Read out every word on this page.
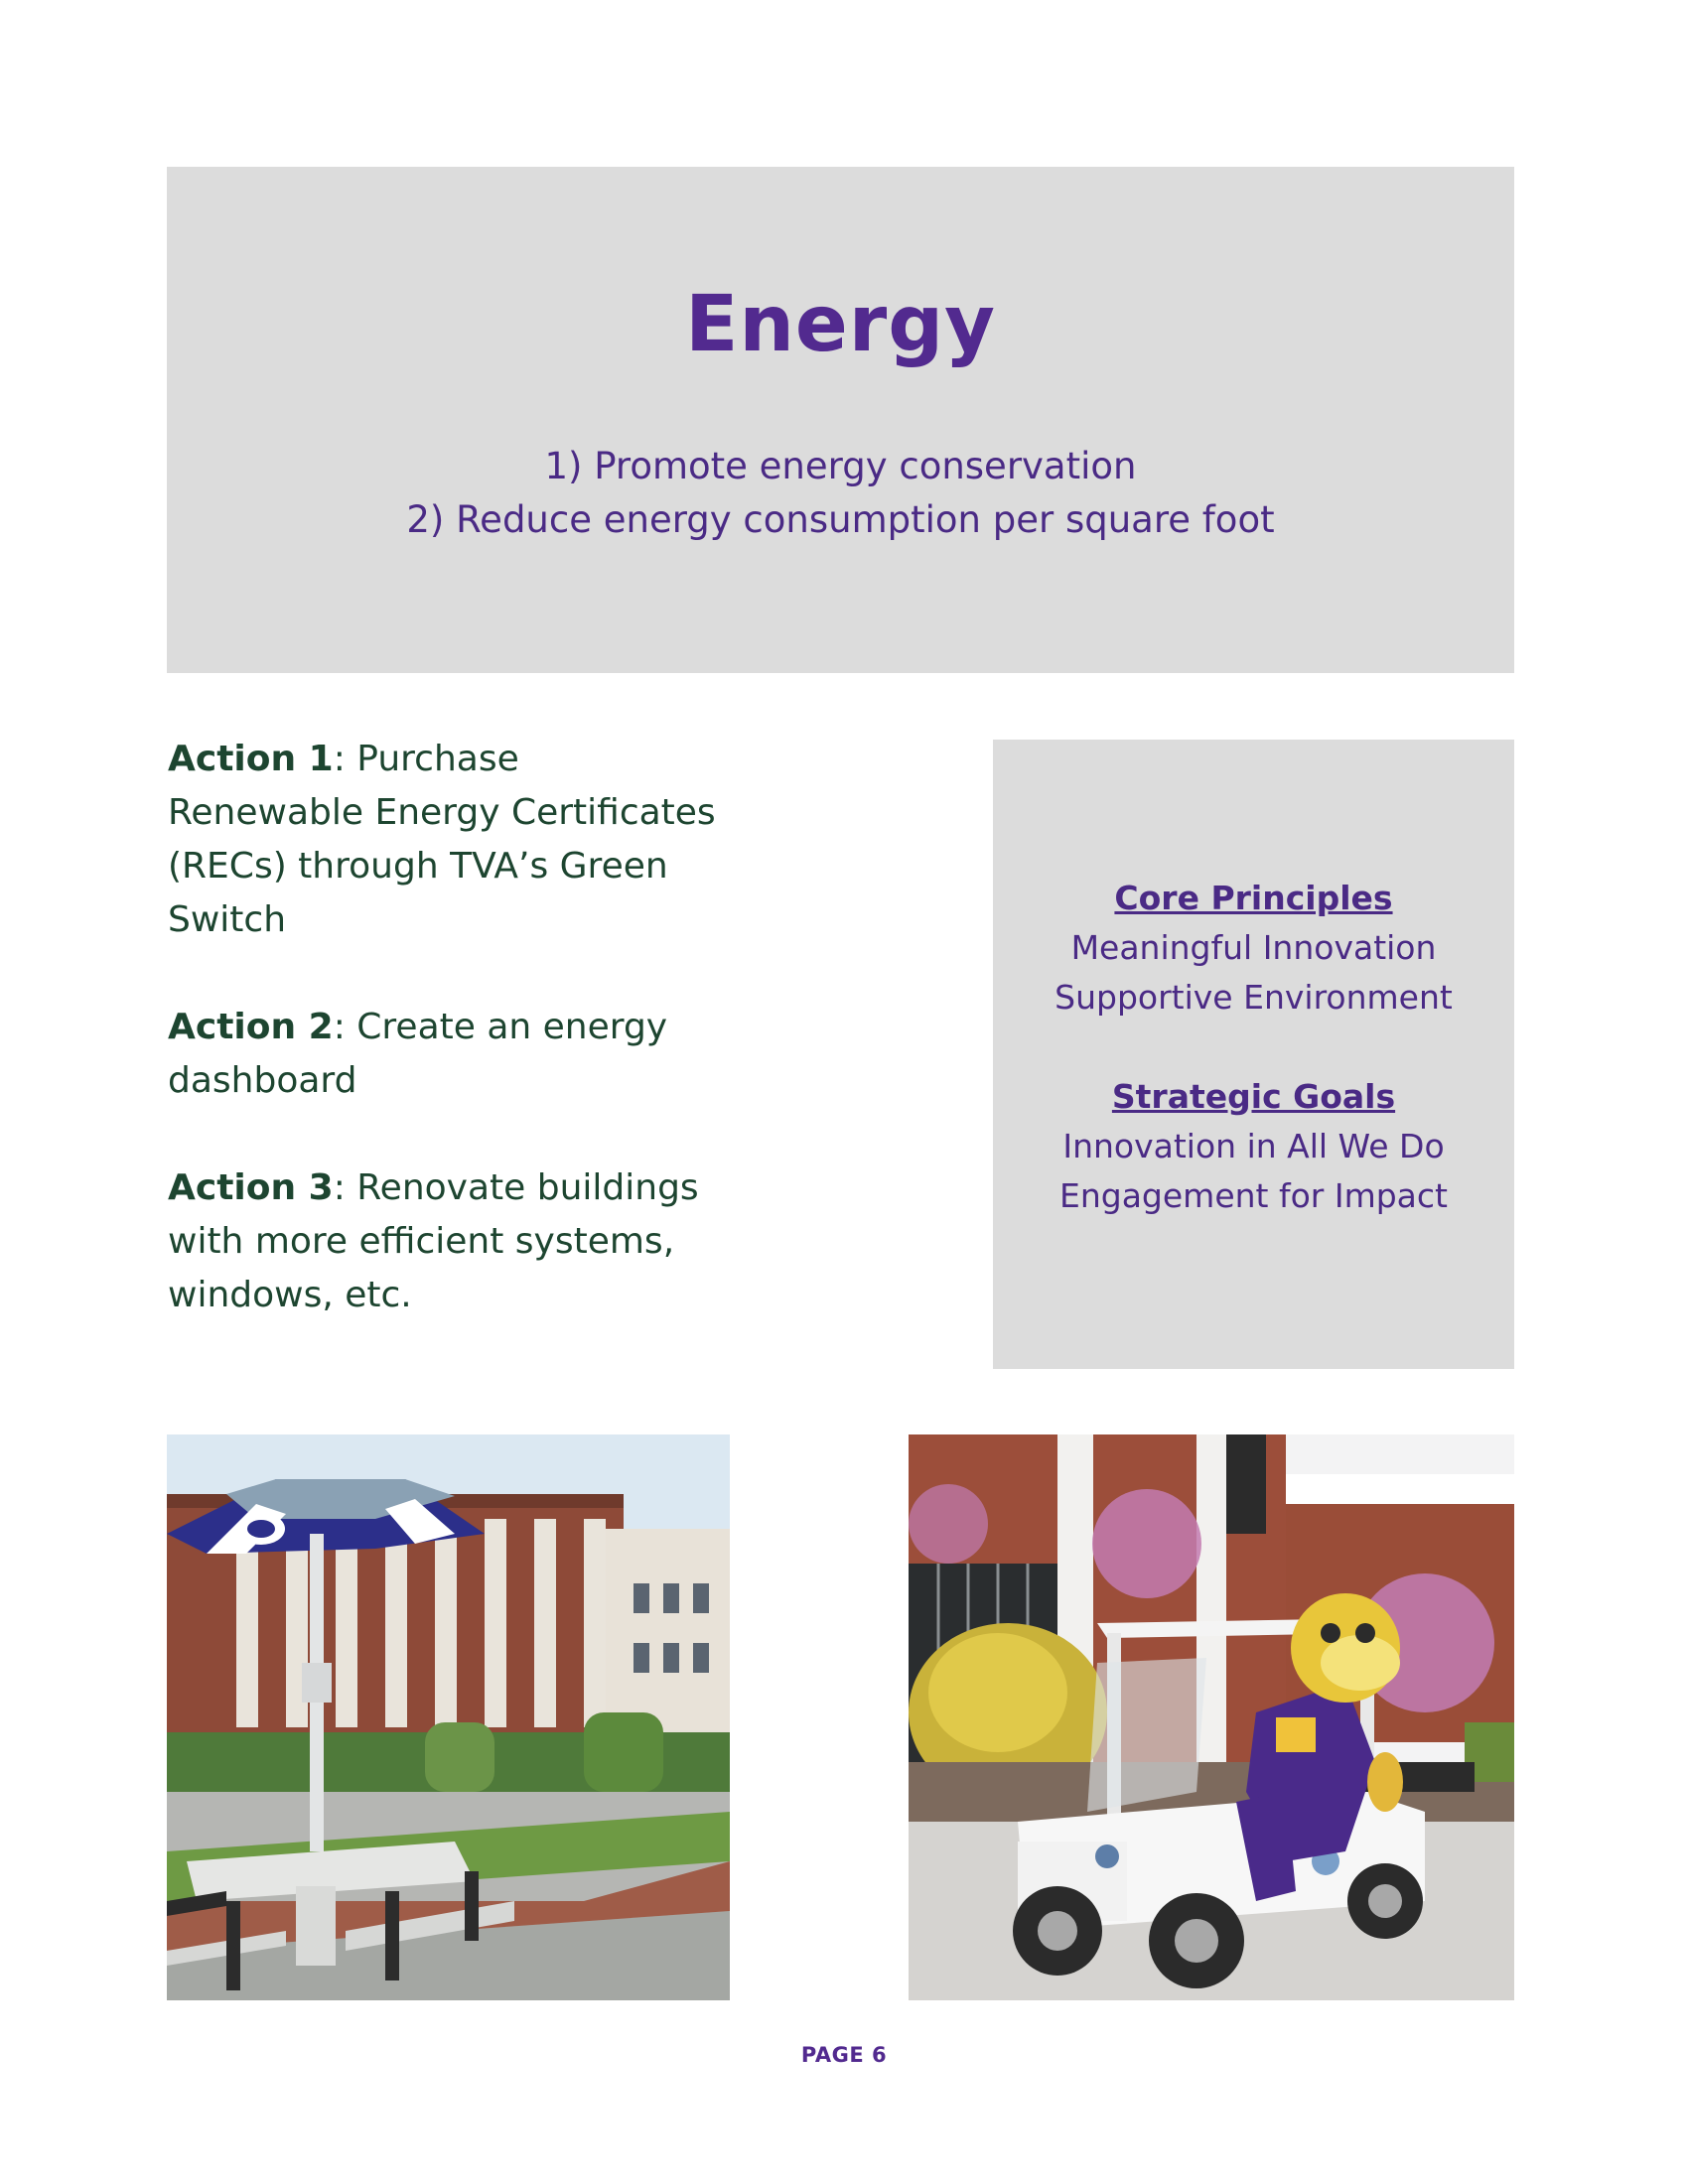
Energy
1) Promote energy conservation
2) Reduce energy consumption per square foot

Action 1: Purchase Renewable Energy Certificates (RECs) through TVA’s Green Switch

Action 2: Create an energy dashboard

Action 3: Renovate buildings with more efficient systems, windows, etc.

Core Principles
Meaningful Innovation
Supportive Environment
Strategic Goals
Innovation in All We Do
Engagement for Impact
PAGE 6
